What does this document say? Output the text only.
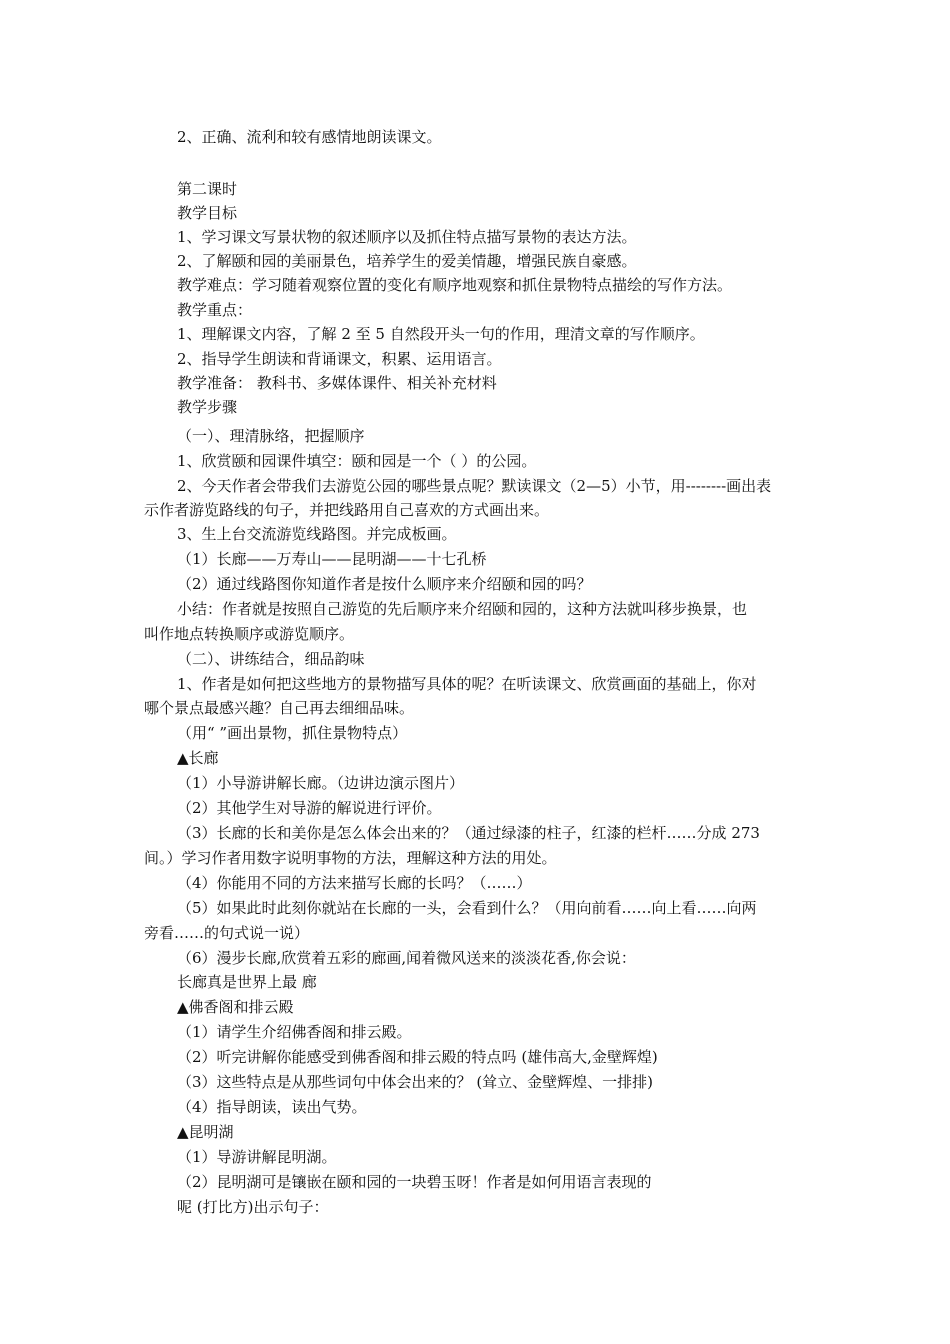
2、正确、流利和较有感情地朗读课文。
第二课时
教学目标
1、学习课文写景状物的叙述顺序以及抓住特点描写景物的表达方法。
2、了解颐和园的美丽景色，培养学生的爱美情趣，增强民族自豪感。
教学难点：学习随着观察位置的变化有顺序地观察和抓住景物特点描绘的写作方法。
教学重点：
1、理解课文内容，了解 2 至 5 自然段开头一句的作用，理清文章的写作顺序。
2、指导学生朗读和背诵课文，积累、运用语言。
教学准备： 教科书、多媒体课件、相关补充材料
教学步骤
（一）、理清脉络，把握顺序
1、欣赏颐和园课件填空：颐和园是一个（ ）的公园。
2、今天作者会带我们去游览公园的哪些景点呢？默读课文（2—5）小节，用--------画出表
示作者游览路线的句子，并把线路用自己喜欢的方式画出来。
3、生上台交流游览线路图。并完成板画。
（1）长廊——万寿山——昆明湖——十七孔桥
（2）通过线路图你知道作者是按什么顺序来介绍颐和园的吗？
小结：作者就是按照自己游览的先后顺序来介绍颐和园的，这种方法就叫移步换景，也
叫作地点转换顺序或游览顺序。
（二）、讲练结合，细品韵味
1、作者是如何把这些地方的景物描写具体的呢？在听读课文、欣赏画面的基础上，你对
哪个景点最感兴趣？自己再去细细品味。
（用“ ”画出景物，抓住景物特点）
▲长廊
（1）小导游讲解长廊。（边讲边演示图片）
（2）其他学生对导游的解说进行评价。
（3）长廊的长和美你是怎么体会出来的？（通过绿漆的柱子，红漆的栏杆……分成 273
间。）学习作者用数字说明事物的方法，理解这种方法的用处。
（4）你能用不同的方法来描写长廊的长吗？（……）
（5）如果此时此刻你就站在长廊的一头，会看到什么？（用向前看……向上看……向两
旁看……的句式说一说）
（6）漫步长廊,欣赏着五彩的廊画,闻着微风送来的淡淡花香,你会说：
长廊真是世界上最 廊
▲佛香阁和排云殿
（1）请学生介绍佛香阁和排云殿。
（2）听完讲解你能感受到佛香阁和排云殿的特点吗 (雄伟高大,金壁辉煌)
（3）这些特点是从那些词句中体会出来的？ (耸立、金壁辉煌、一排排)
（4）指导朗读，读出气势。
▲昆明湖
（1）导游讲解昆明湖。
（2）昆明湖可是镶嵌在颐和园的一块碧玉呀！作者是如何用语言表现的
呢 (打比方)出示句子：
